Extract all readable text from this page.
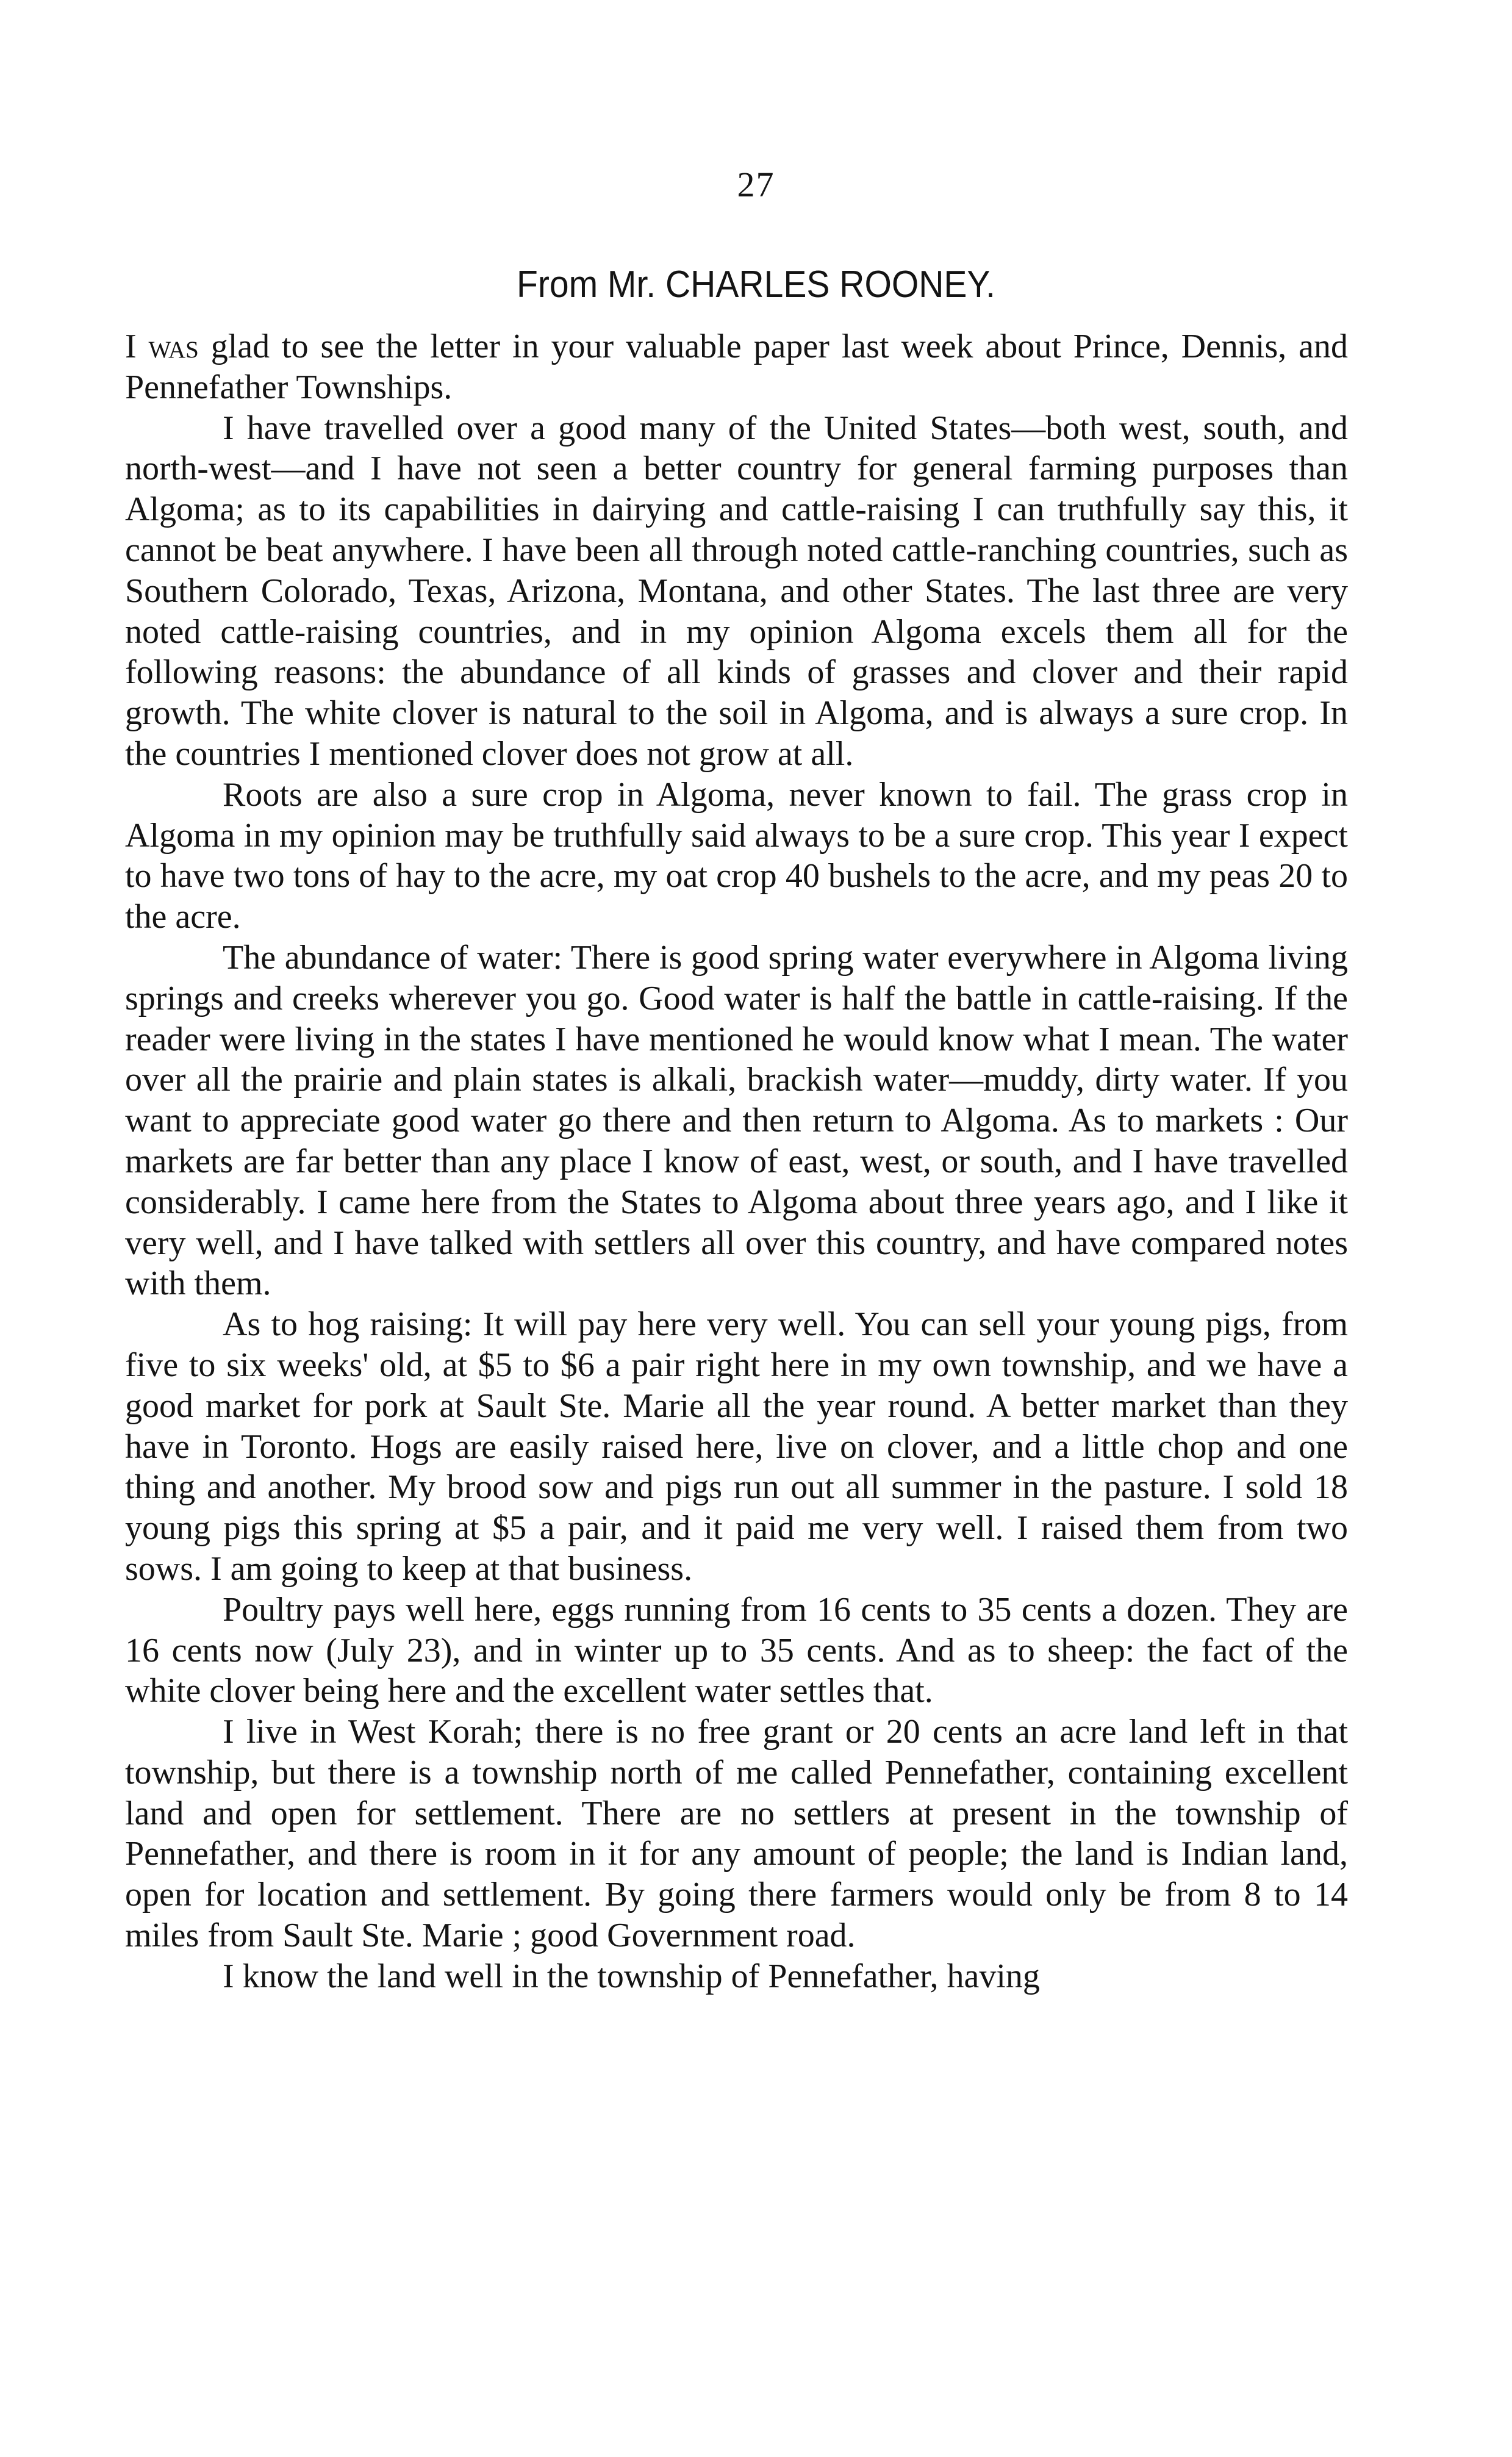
27
From Mr. CHARLES ROONEY.

I was glad to see the letter in your valuable paper last week about Prince, Dennis, and Pennefather Townships.

I have travelled over a good many of the United States—both west, south, and north-west—and I have not seen a better country for general farming purposes than Algoma; as to its capabilities in dairying and cattle-raising I can truthfully say this, it cannot be beat anywhere. I have been all through noted cattle-ranching countries, such as Southern Colorado, Texas, Arizona, Montana, and other States. The last three are very noted cattle-raising countries, and in my opinion Algoma excels them all for the following reasons: the abundance of all kinds of grasses and clover and their rapid growth. The white clover is natural to the soil in Algoma, and is always a sure crop. In the countries I mentioned clover does not grow at all.

Roots are also a sure crop in Algoma, never known to fail. The grass crop in Algoma in my opinion may be truthfully said always to be a sure crop. This year I expect to have two tons of hay to the acre, my oat crop 40 bushels to the acre, and my peas 20 to the acre.

The abundance of water: There is good spring water everywhere in Algoma living springs and creeks wherever you go. Good water is half the battle in cattle-raising. If the reader were living in the states I have mentioned he would know what I mean. The water over all the prairie and plain states is alkali, brackish water—muddy, dirty water. If you want to appreciate good water go there and then return to Algoma. As to markets : Our markets are far better than any place I know of east, west, or south, and I have travelled considerably. I came here from the States to Algoma about three years ago, and I like it very well, and I have talked with settlers all over this country, and have compared notes with them.

As to hog raising: It will pay here very well. You can sell your young pigs, from five to six weeks' old, at $5 to $6 a pair right here in my own township, and we have a good market for pork at Sault Ste. Marie all the year round. A better market than they have in Toronto. Hogs are easily raised here, live on clover, and a little chop and one thing and another. My brood sow and pigs run out all summer in the pasture. I sold 18 young pigs this spring at $5 a pair, and it paid me very well. I raised them from two sows. I am going to keep at that business.

Poultry pays well here, eggs running from 16 cents to 35 cents a dozen. They are 16 cents now (July 23), and in winter up to 35 cents. And as to sheep: the fact of the white clover being here and the excellent water settles that.

I live in West Korah; there is no free grant or 20 cents an acre land left in that township, but there is a township north of me called Pennefather, containing excellent land and open for settlement. There are no settlers at present in the township of Pennefather, and there is room in it for any amount of people; the land is Indian land, open for location and settlement. By going there farmers would only be from 8 to 14 miles from Sault Ste. Marie ; good Government road.

I know the land well in the township of Pennefather, having
